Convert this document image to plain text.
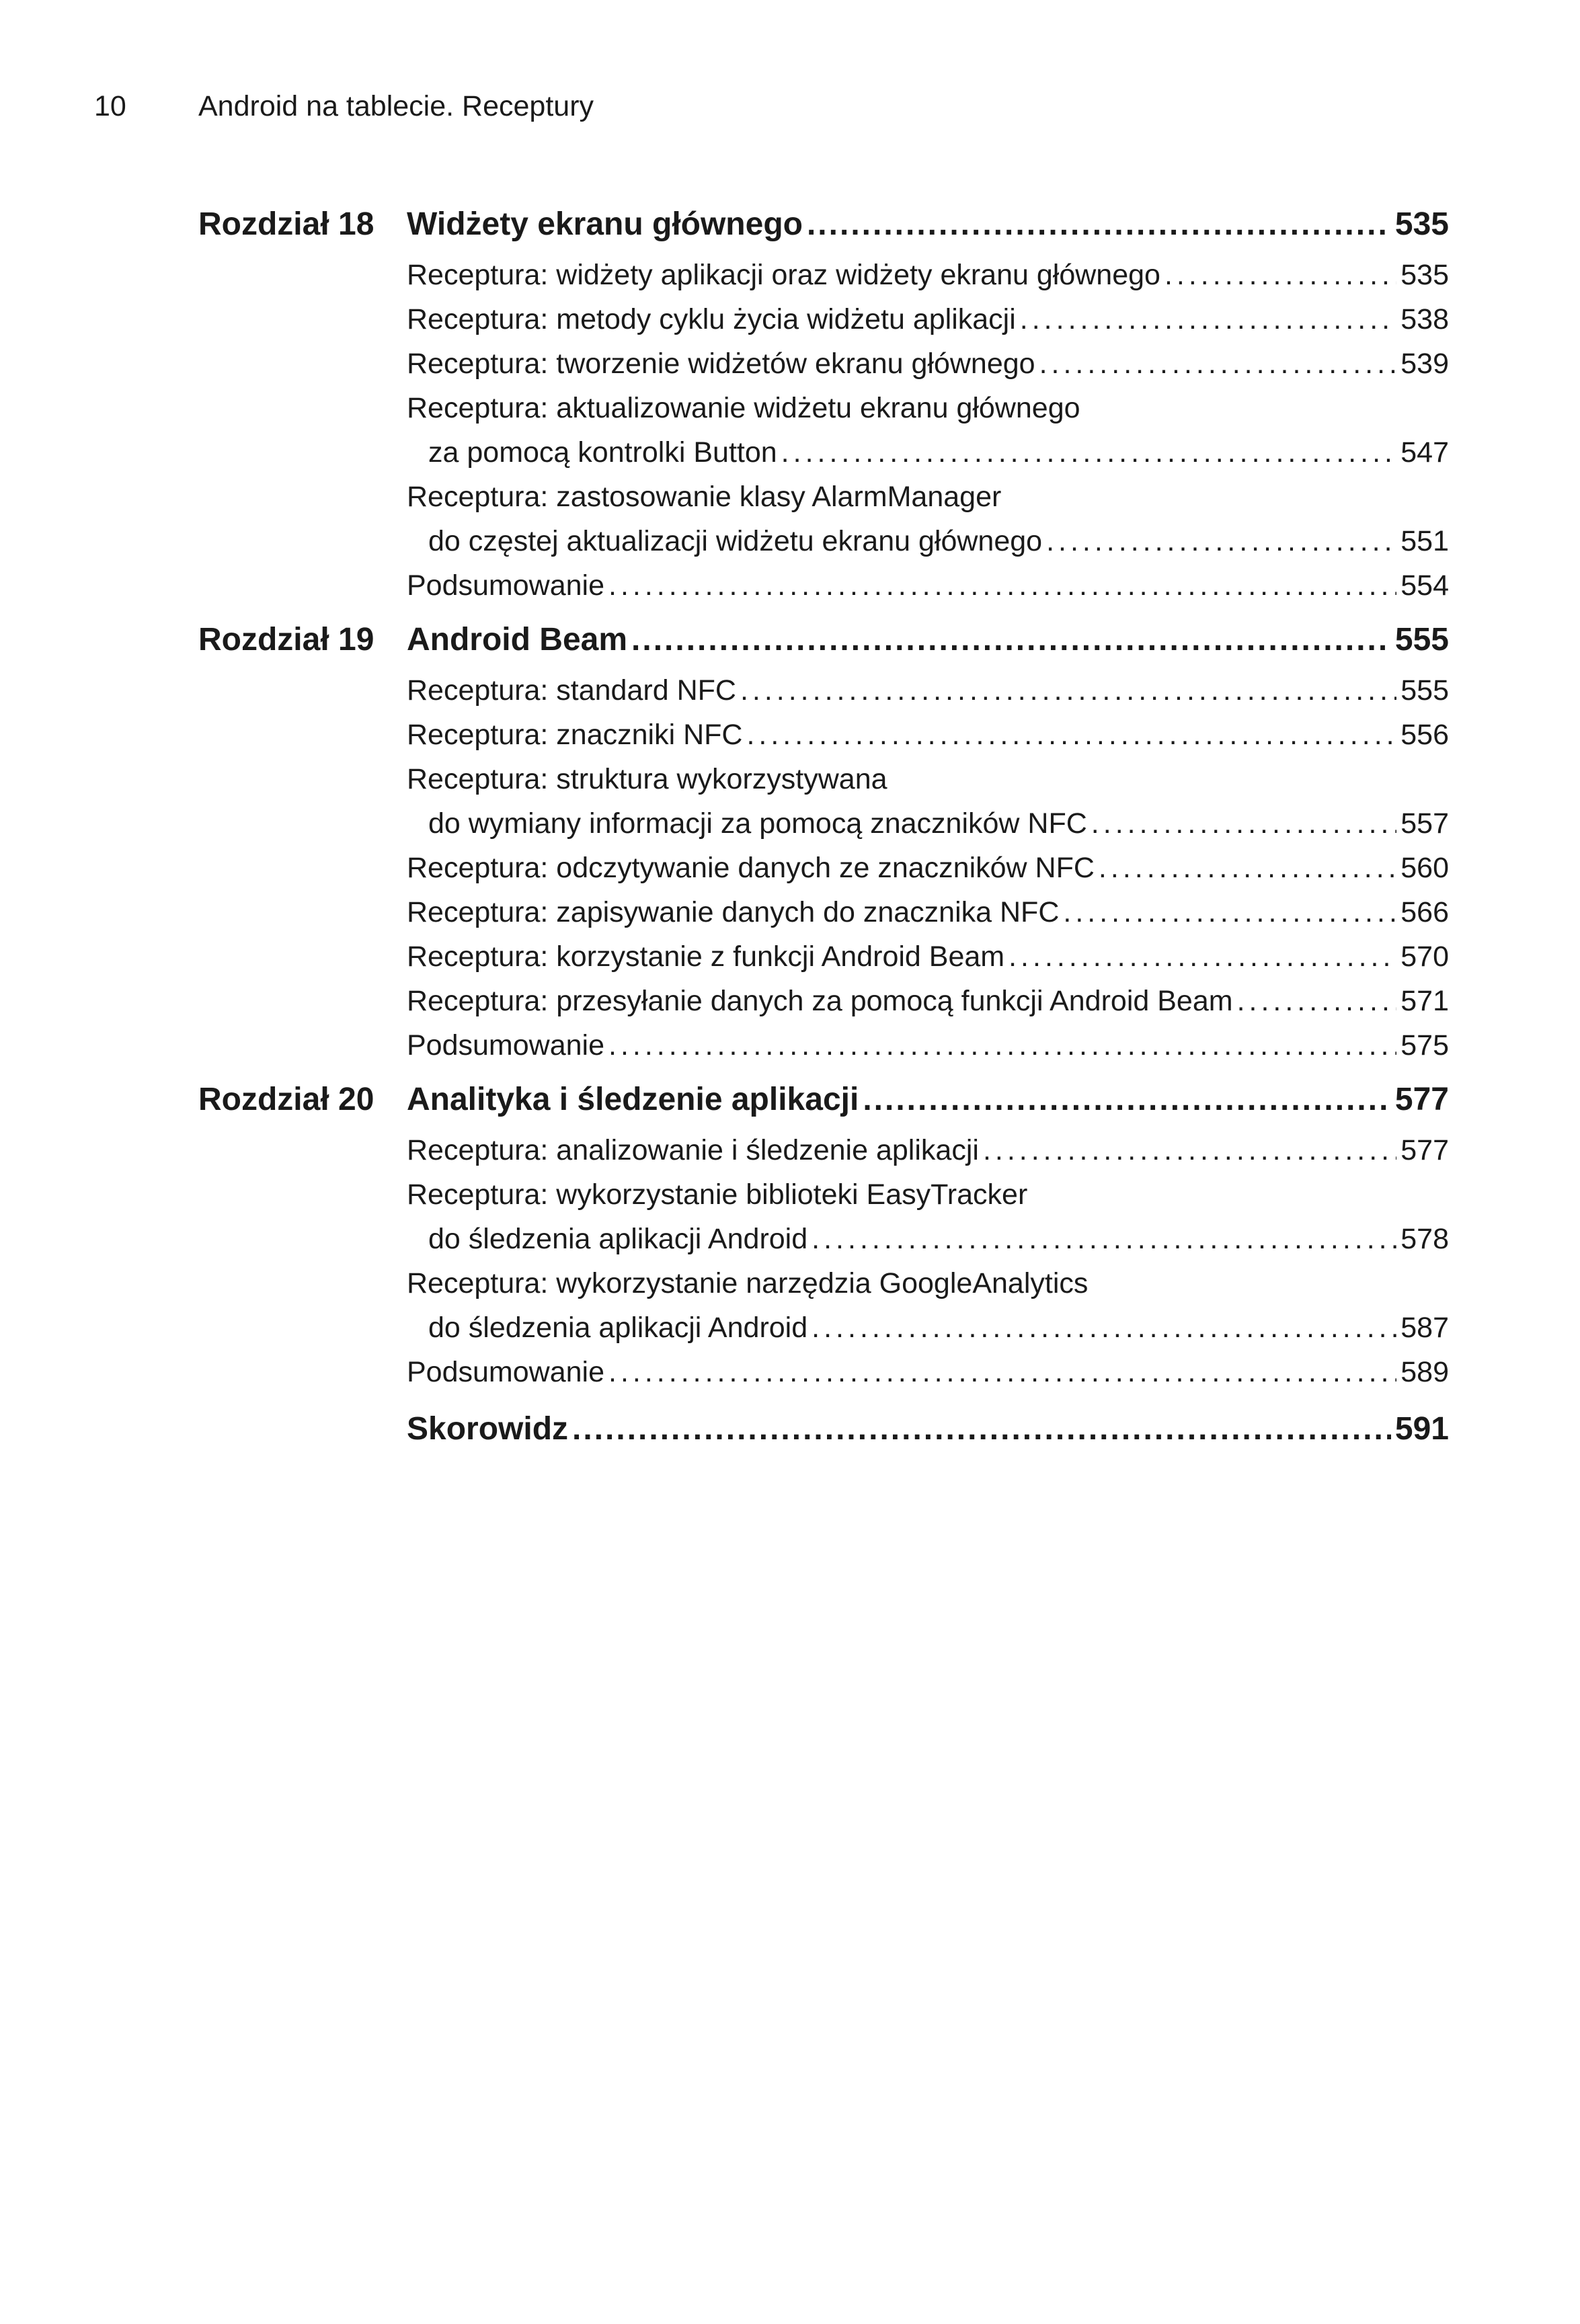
10 Android na tablecie. Receptury
Rozdział 18	Widżety ekranu głównego .....	535
Receptura: widżety aplikacji oraz widżety ekranu głównego .....	535
Receptura: metody cyklu życia widżetu aplikacji .....	538
Receptura: tworzenie widżetów ekranu głównego .....	539
Receptura: aktualizowanie widżetu ekranu głównego
za pomocą kontrolki Button .....	547
Receptura: zastosowanie klasy AlarmManager
do częstej aktualizacji widżetu ekranu głównego .....	551
Podsumowanie .....	554
Rozdział 19	Android Beam .....	555
Receptura: standard NFC .....	555
Receptura: znaczniki NFC .....	556
Receptura: struktura wykorzystywana
do wymiany informacji za pomocą znaczników NFC .....	557
Receptura: odczytywanie danych ze znaczników NFC .....	560
Receptura: zapisywanie danych do znacznika NFC .....	566
Receptura: korzystanie z funkcji Android Beam .....	570
Receptura: przesyłanie danych za pomocą funkcji Android Beam .....	571
Podsumowanie .....	575
Rozdział 20	Analityka i śledzenie aplikacji .....	577
Receptura: analizowanie i śledzenie aplikacji .....	577
Receptura: wykorzystanie biblioteki EasyTracker
do śledzenia aplikacji Android .....	578
Receptura: wykorzystanie narzędzia GoogleAnalytics
do śledzenia aplikacji Android .....	587
Podsumowanie .....	589
Skorowidz .....	591
